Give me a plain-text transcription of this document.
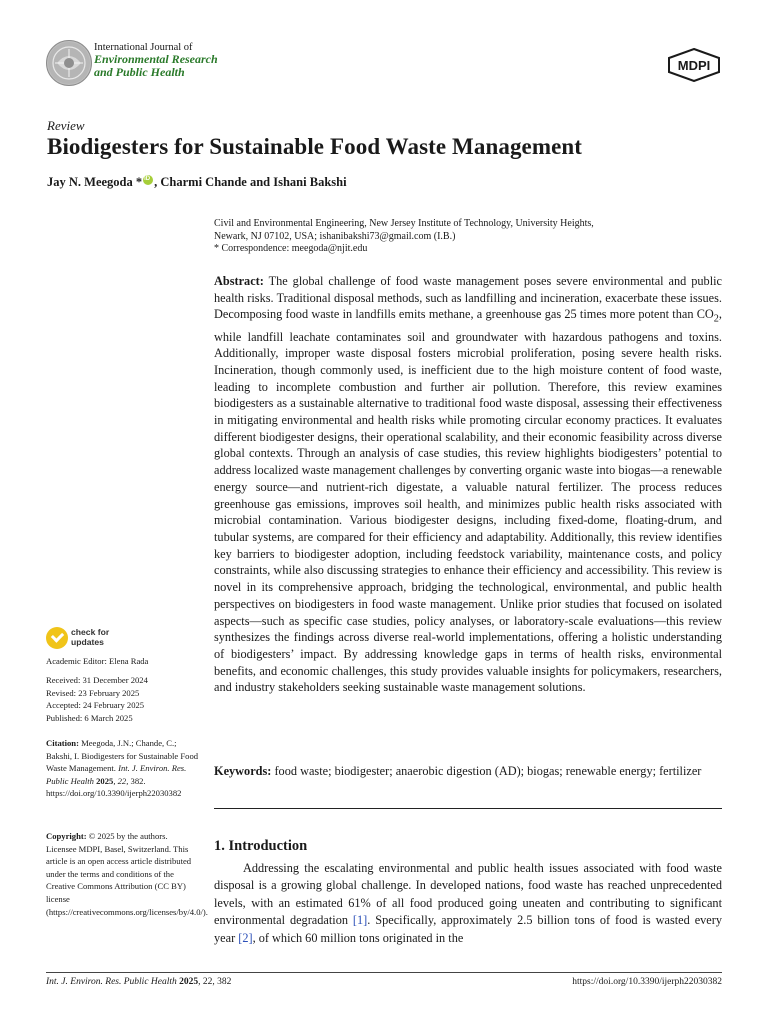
International Journal of
Environmental Research
and Public Health	MDPI
Review
Biodigesters for Sustainable Food Waste Management
Jay N. Meegoda *iD , Charmi Chande and Ishani Bakshi
Civil and Environmental Engineering, New Jersey Institute of Technology, University Heights,
Newark, NJ 07102, USA; ishanibakshi73@gmail.com (I.B.)
* Correspondence: meegoda@njit.edu

Abstract: The global challenge of food waste management poses severe environmental and public health risks. Traditional disposal methods, such as landfilling and incineration, exacerbate these issues. Decomposing food waste in landfills emits methane, a greenhouse gas 25 times more potent than $CO_2$, while landfill leachate contaminates soil and groundwater with hazardous pathogens and toxins. Additionally, improper waste disposal fosters microbial proliferation, posing severe health risks. Incineration, though commonly used, is inefficient due to the high moisture content of food waste, leading to incomplete combustion and further air pollution. Therefore, this review examines biodigesters as a sustainable alternative to traditional food waste disposal, assessing their effectiveness in mitigating environmental and health risks while promoting circular economy practices. It evaluates different biodigester designs, their operational scalability, and their economic feasibility across diverse global contexts. Through an analysis of case studies, this review highlights biodigesters’ potential to address localized waste management challenges by converting organic waste into biogas—a renewable energy source—and nutrient-rich digestate, a valuable natural fertilizer. The process reduces greenhouse gas emissions, improves soil health, and minimizes public health risks associated with microbial contamination. Various biodigester designs, including fixed-dome, floating-drum, and tubular systems, are compared for their efficiency and adaptability. Additionally, this review identifies key barriers to biodigester adoption, including feedstock variability, maintenance costs, and policy constraints, while also discussing strategies to enhance their efficiency and accessibility. This review is novel in its comprehensive approach, bridging the technological, environmental, and public health perspectives on biodigesters in food waste management. Unlike prior studies that focused on isolated aspects—such as specific case studies, policy analyses, or laboratory-scale evaluations—this review synthesizes the findings across diverse real-world implementations, offering a holistic understanding of biodigesters’ impact. By addressing knowledge gaps in terms of health risks, environmental benefits, and economic challenges, this study provides valuable insights for policymakers, researchers, and industry stakeholders seeking sustainable waste management solutions.

Keywords: food waste; biodigester; anaerobic digestion (AD); biogas; renewable energy; fertilizer

1. Introduction

Addressing the escalating environmental and public health issues associated with food waste disposal is a growing global challenge. In developed nations, food waste has reached unprecedented levels, with an estimated 61% of all food produced going uneaten and contributing to significant environmental degradation [1]. Specifically, approximately 2.5 billion tons of food is wasted every year [2], of which 60 million tons originated in the

check for
updates
Academic Editor: Elena Rada
Received: 31 December 2024
Revised: 23 February 2025
Accepted: 24 February 2025
Published: 6 March 2025
Citation: Meegoda, J.N.; Chande, C.; Bakshi, I. Biodigesters for Sustainable Food Waste Management. Int. J. Environ. Res. Public Health 2025, 22, 382. https://doi.org/10.3390/ijerph22030382
Copyright: © 2025 by the authors. Licensee MDPI, Basel, Switzerland. This article is an open access article distributed under the terms and conditions of the Creative Commons Attribution (CC BY) license (https://creativecommons.org/licenses/by/4.0/).
Int. J. Environ. Res. Public Health 2025, 22, 382	https://doi.org/10.3390/ijerph22030382
